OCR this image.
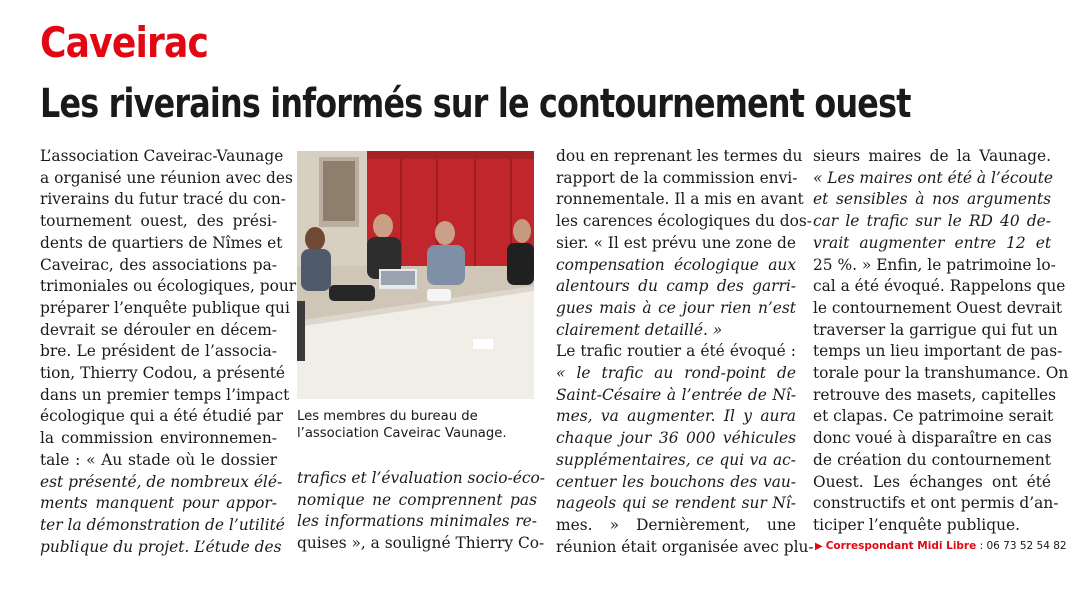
Caveirac
Les riverains informés sur le contournement ouest
L’association Caveirac-Vaunage
a organisé une réunion avec des
riverains du futur tracé du con-
tournement ouest, des prési-
dents de quartiers de Nîmes et
Caveirac, des associations pa-
trimoniales ou écologiques, pour
préparer l’enquête publique qui
devrait se dérouler en décem-
bre. Le président de l’associa-
tion, Thierry Codou, a présenté
dans un premier temps l’impact
écologique qui a été étudié par
la commission environnemen-
tale : « Au stade où le dossier
est présenté, de nombreux élé-
ments manquent pour appor-
ter la démonstration de l’utilité
publique du projet. L’étude des
Les membres du bureau de l’association Caveirac Vaunage.
trafics et l’évaluation socio-éco-
nomique ne comprennent pas
les informations minimales re-
quises », a souligné Thierry Co-
dou en reprenant les termes du
rapport de la commission envi-
ronnementale. Il a mis en avant
les carences écologiques du dos-
sier. « Il est prévu une zone de
compensation écologique aux
alentours du camp des garri-
gues mais à ce jour rien n’est
clairement detaillé. »
Le trafic routier a été évoqué :
« le trafic au rond-point de
Saint-Césaire à l’entrée de Nî-
mes, va augmenter. Il y aura
chaque jour 36 000 véhicules
supplémentaires, ce qui va ac-
centuer les bouchons des vau-
nageols qui se rendent sur Nî-
mes. » Dernièrement, une
réunion était organisée avec plu-
sieurs maires de la Vaunage.
« Les maires ont été à l’écoute
et sensibles à nos arguments
car le trafic sur le RD 40 de-
vrait augmenter entre 12 et
25 %. » Enfin, le patrimoine lo-
cal a été évoqué. Rappelons que
le contournement Ouest devrait
traverser la garrigue qui fut un
temps un lieu important de pas-
torale pour la transhumance. On
retrouve des masets, capitelles
et clapas. Ce patrimoine serait
donc voué à disparaître en cas
de création du contournement
Ouest. Les échanges ont été
constructifs et ont permis d’an-
ticiper l’enquête publique.
▶ Correspondant Midi Libre : 06 73 52 54 82
